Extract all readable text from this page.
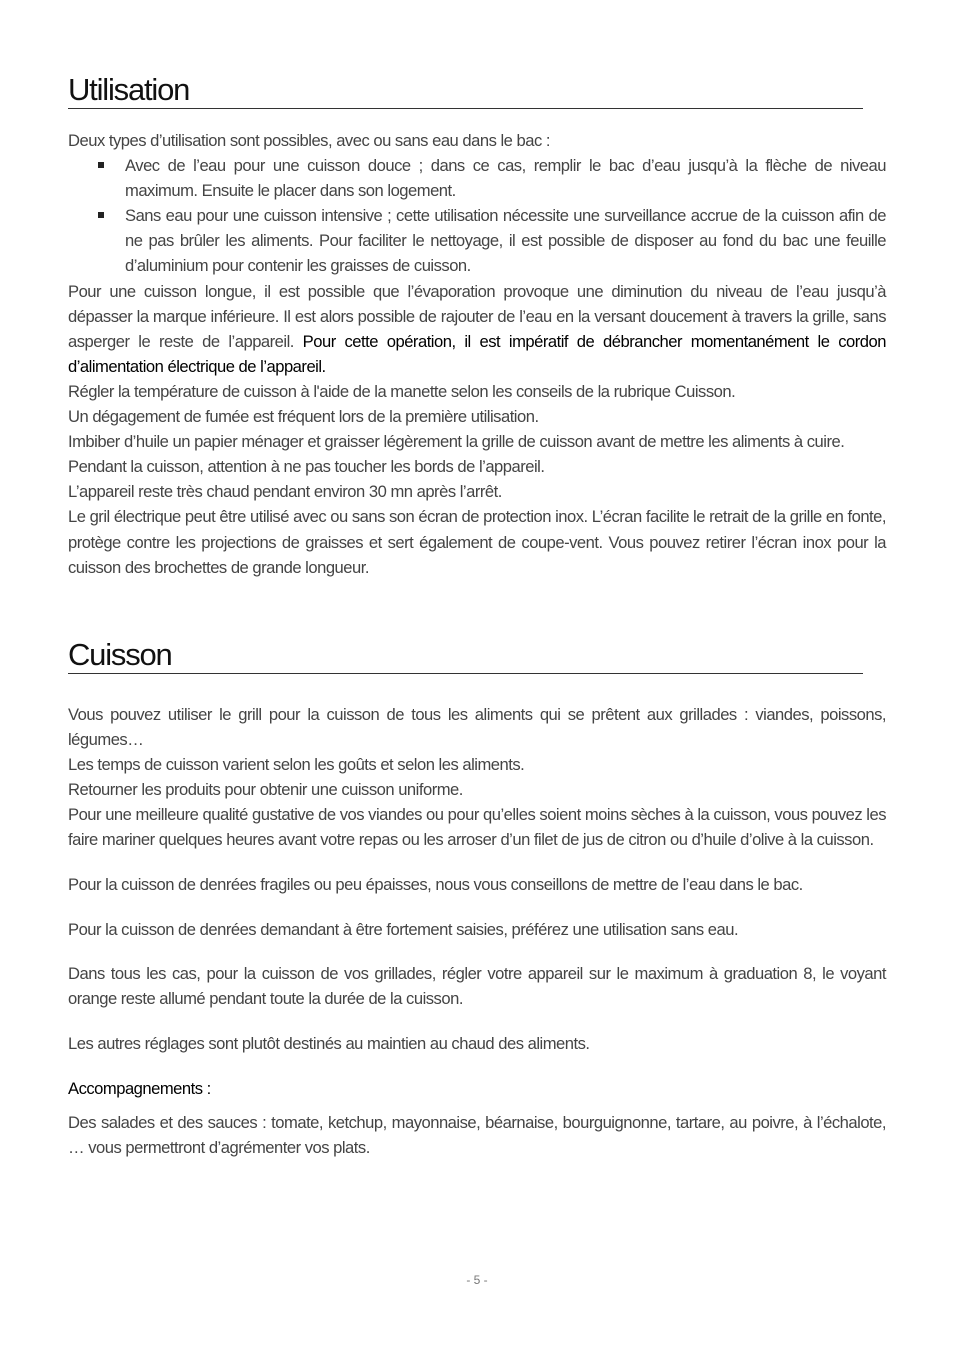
Utilisation

Deux types d’utilisation sont possibles, avec ou sans eau dans le bac :

Avec de l’eau pour une cuisson douce ; dans ce cas, remplir le bac d’eau jusqu’à la flèche de niveau maximum. Ensuite le placer dans son logement.
Sans eau pour une cuisson intensive ; cette utilisation nécessite une surveillance accrue de la cuisson afin de ne pas brûler les aliments. Pour faciliter le nettoyage, il est possible de disposer au fond du bac une feuille d’aluminium pour contenir les graisses de cuisson.

Pour une cuisson longue, il est possible que l’évaporation provoque une diminution du niveau de l’eau jusqu’à dépasser la marque inférieure. Il est alors possible de rajouter de l’eau en la versant doucement à travers la grille, sans asperger le reste de l’appareil. Pour cette opération, il est impératif de débrancher momentanément le cordon d’alimentation électrique de l’appareil.

Régler la température de cuisson à l'aide de la manette selon les conseils de la rubrique Cuisson.

Un dégagement de fumée est fréquent lors de la première utilisation.

Imbiber d’huile un papier ménager et graisser légèrement la grille de cuisson avant de mettre les aliments à cuire.

Pendant la cuisson, attention à ne pas toucher les bords de l’appareil.

L’appareil reste très chaud pendant environ 30 mn après l’arrêt.

Le gril électrique peut être utilisé avec ou sans son écran de protection inox. L’écran facilite le retrait de la grille en fonte, protège contre les projections de graisses et sert également de coupe-vent. Vous pouvez retirer l’écran inox pour la cuisson des brochettes de grande longueur.

Cuisson

Vous pouvez utiliser le grill pour la cuisson de tous les aliments qui se prêtent aux grillades : viandes, poissons, légumes…

Les temps de cuisson varient selon les goûts et selon les aliments.

Retourner les produits pour obtenir une cuisson uniforme.

Pour une meilleure qualité gustative de vos viandes ou pour qu’elles soient moins sèches à la cuisson, vous pouvez les faire mariner quelques heures avant votre repas ou les arroser d’un filet de jus de citron ou d’huile d’olive à la cuisson.

Pour la cuisson de denrées fragiles ou peu épaisses, nous vous conseillons de mettre de l’eau dans le bac.

Pour la cuisson de denrées demandant à être fortement saisies, préférez une utilisation sans eau.

Dans tous les cas, pour la cuisson de vos grillades, régler votre appareil sur le maximum à graduation 8, le voyant orange reste allumé pendant toute la durée de la cuisson.

Les autres réglages sont plutôt destinés au maintien au chaud des aliments.

Accompagnements :

Des salades et des sauces : tomate, ketchup, mayonnaise, béarnaise, bourguignonne, tartare, au poivre, à l’échalote, … vous permettront d’agrémenter vos plats.

- 5 -
